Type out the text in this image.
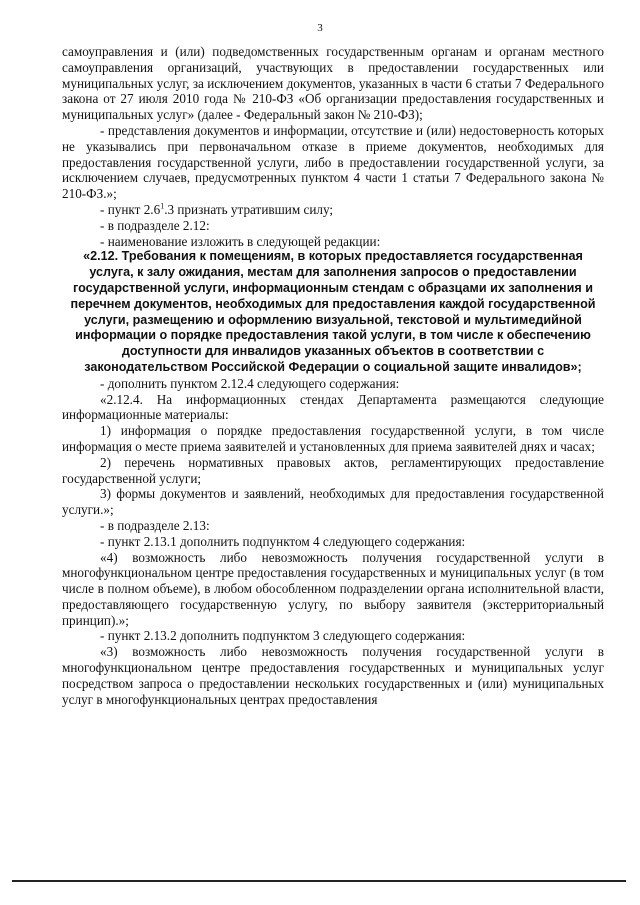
3

самоуправления и (или) подведомственных государственным органам и органам местного самоуправления организаций, участвующих в предоставлении государственных или муниципальных услуг, за исключением документов, указанных в части 6 статьи 7 Федерального закона от 27 июля 2010 года № 210-ФЗ «Об организации предоставления государственных и муниципальных услуг» (далее - Федеральный закон № 210-ФЗ);

- представления документов и информации, отсутствие и (или) недостоверность которых не указывались при первоначальном отказе в приеме документов, необходимых для предоставления государственной услуги, либо в предоставлении государственной услуги, за исключением случаев, предусмотренных пунктом 4 части 1 статьи 7 Федерального закона № 210-ФЗ.»;

- пункт $2.6^1.3$ признать утратившим силу;

- в подразделе 2.12:

- наименование изложить в следующей редакции:

«2.12. Требования к помещениям, в которых предоставляется государственная услуга, к залу ожидания, местам для заполнения запросов о предоставлении государственной услуги, информационным стендам с образцами их заполнения и перечнем документов, необходимых для предоставления каждой государственной услуги, размещению и оформлению визуальной, текстовой и мультимедийной информации о порядке предоставления такой услуги, в том числе к обеспечению доступности для инвалидов указанных объектов в соответствии с законодательством Российской Федерации о социальной защите инвалидов»;

- дополнить пунктом 2.12.4 следующего содержания:

«2.12.4. На информационных стендах Департамента размещаются следующие информационные материалы:

1) информация о порядке предоставления государственной услуги, в том числе информация о месте приема заявителей и установленных для приема заявителей днях и часах;

2) перечень нормативных правовых актов, регламентирующих предоставление государственной услуги;

3) формы документов и заявлений, необходимых для предоставления государственной услуги.»;

- в подразделе 2.13:

- пункт 2.13.1 дополнить подпунктом 4 следующего содержания:

«4) возможность либо невозможность получения государственной услуги в многофункциональном центре предоставления государственных и муниципальных услуг (в том числе в полном объеме), в любом обособленном подразделении органа исполнительной власти, предоставляющего государственную услугу, по выбору заявителя (экстерриториальный принцип).»;

- пункт 2.13.2 дополнить подпунктом 3 следующего содержания:

«3) возможность либо невозможность получения государственной услуги в многофункциональном центре предоставления государственных и муниципальных услуг посредством запроса о предоставлении нескольких государственных и (или) муниципальных услуг в многофункциональных центрах предоставления
